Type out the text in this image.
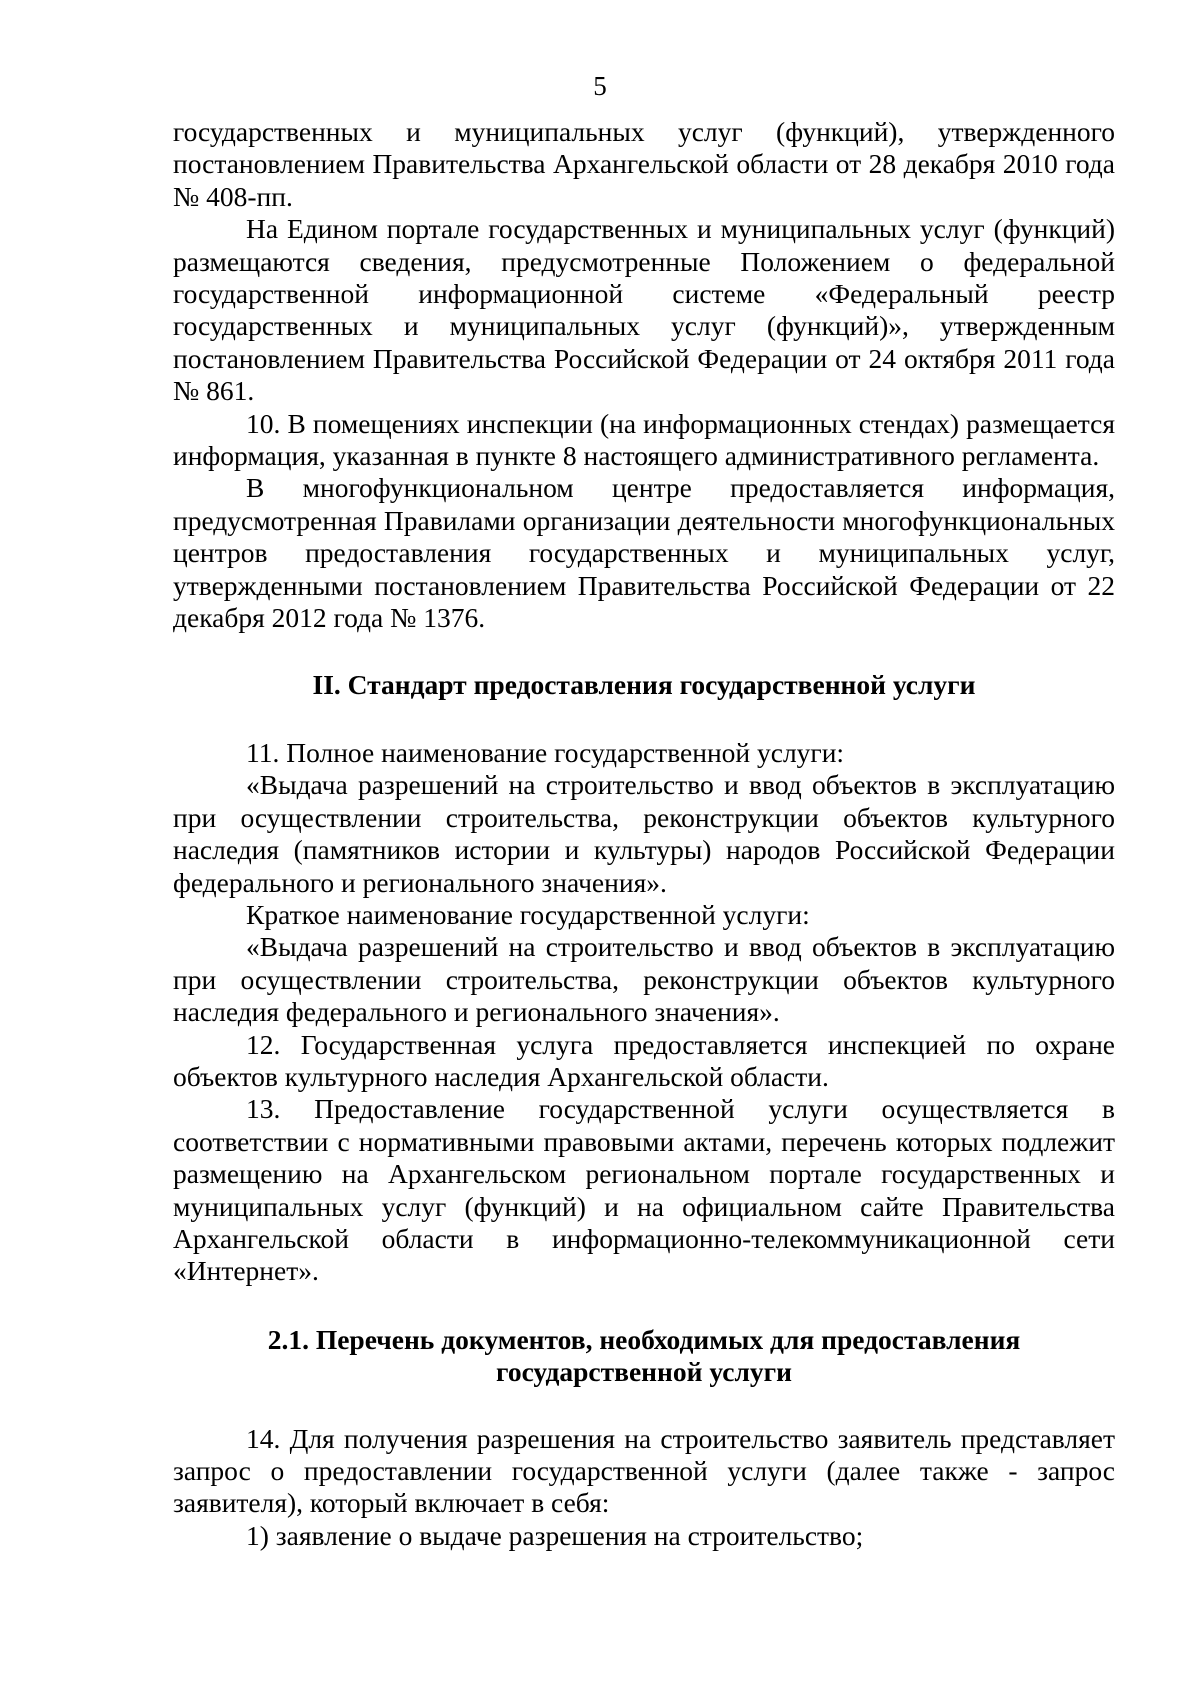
5

государственных и муниципальных услуг (функций), утвержденного постановлением Правительства Архангельской области от 28 декабря 2010 года № 408-пп.

На Едином портале государственных и муниципальных услуг (функций) размещаются сведения, предусмотренные Положением о федеральной государственной информационной системе «Федеральный реестр государственных и муниципальных услуг (функций)», утвержденным постановлением Правительства Российской Федерации от 24 октября 2011 года № 861.

10. В помещениях инспекции (на информационных стендах) размещается информация, указанная в пункте 8 настоящего административного регламента.

В многофункциональном центре предоставляется информация, предусмотренная Правилами организации деятельности многофункциональных центров предоставления государственных и муниципальных услуг, утвержденными постановлением Правительства Российской Федерации от 22 декабря 2012 года № 1376.

II. Стандарт предоставления государственной услуги

11. Полное наименование государственной услуги:

«Выдача разрешений на строительство и ввод объектов в эксплуатацию при осуществлении строительства, реконструкции объектов культурного наследия (памятников истории и культуры) народов Российской Федерации федерального и регионального значения».

Краткое наименование государственной услуги:

«Выдача разрешений на строительство и ввод объектов в эксплуатацию при осуществлении строительства, реконструкции объектов культурного наследия федерального и регионального значения».

12. Государственная услуга предоставляется инспекцией по охране объектов культурного наследия Архангельской области.

13. Предоставление государственной услуги осуществляется в соответствии с нормативными правовыми актами, перечень которых подлежит размещению на Архангельском региональном портале государственных и муниципальных услуг (функций) и на официальном сайте Правительства Архангельской области в информационно-телекоммуникационной сети «Интернет».

2.1. Перечень документов, необходимых для предоставления
государственной услуги

14. Для получения разрешения на строительство заявитель представляет запрос о предоставлении государственной услуги (далее также - запрос заявителя), который включает в себя:

1) заявление о выдаче разрешения на строительство;
